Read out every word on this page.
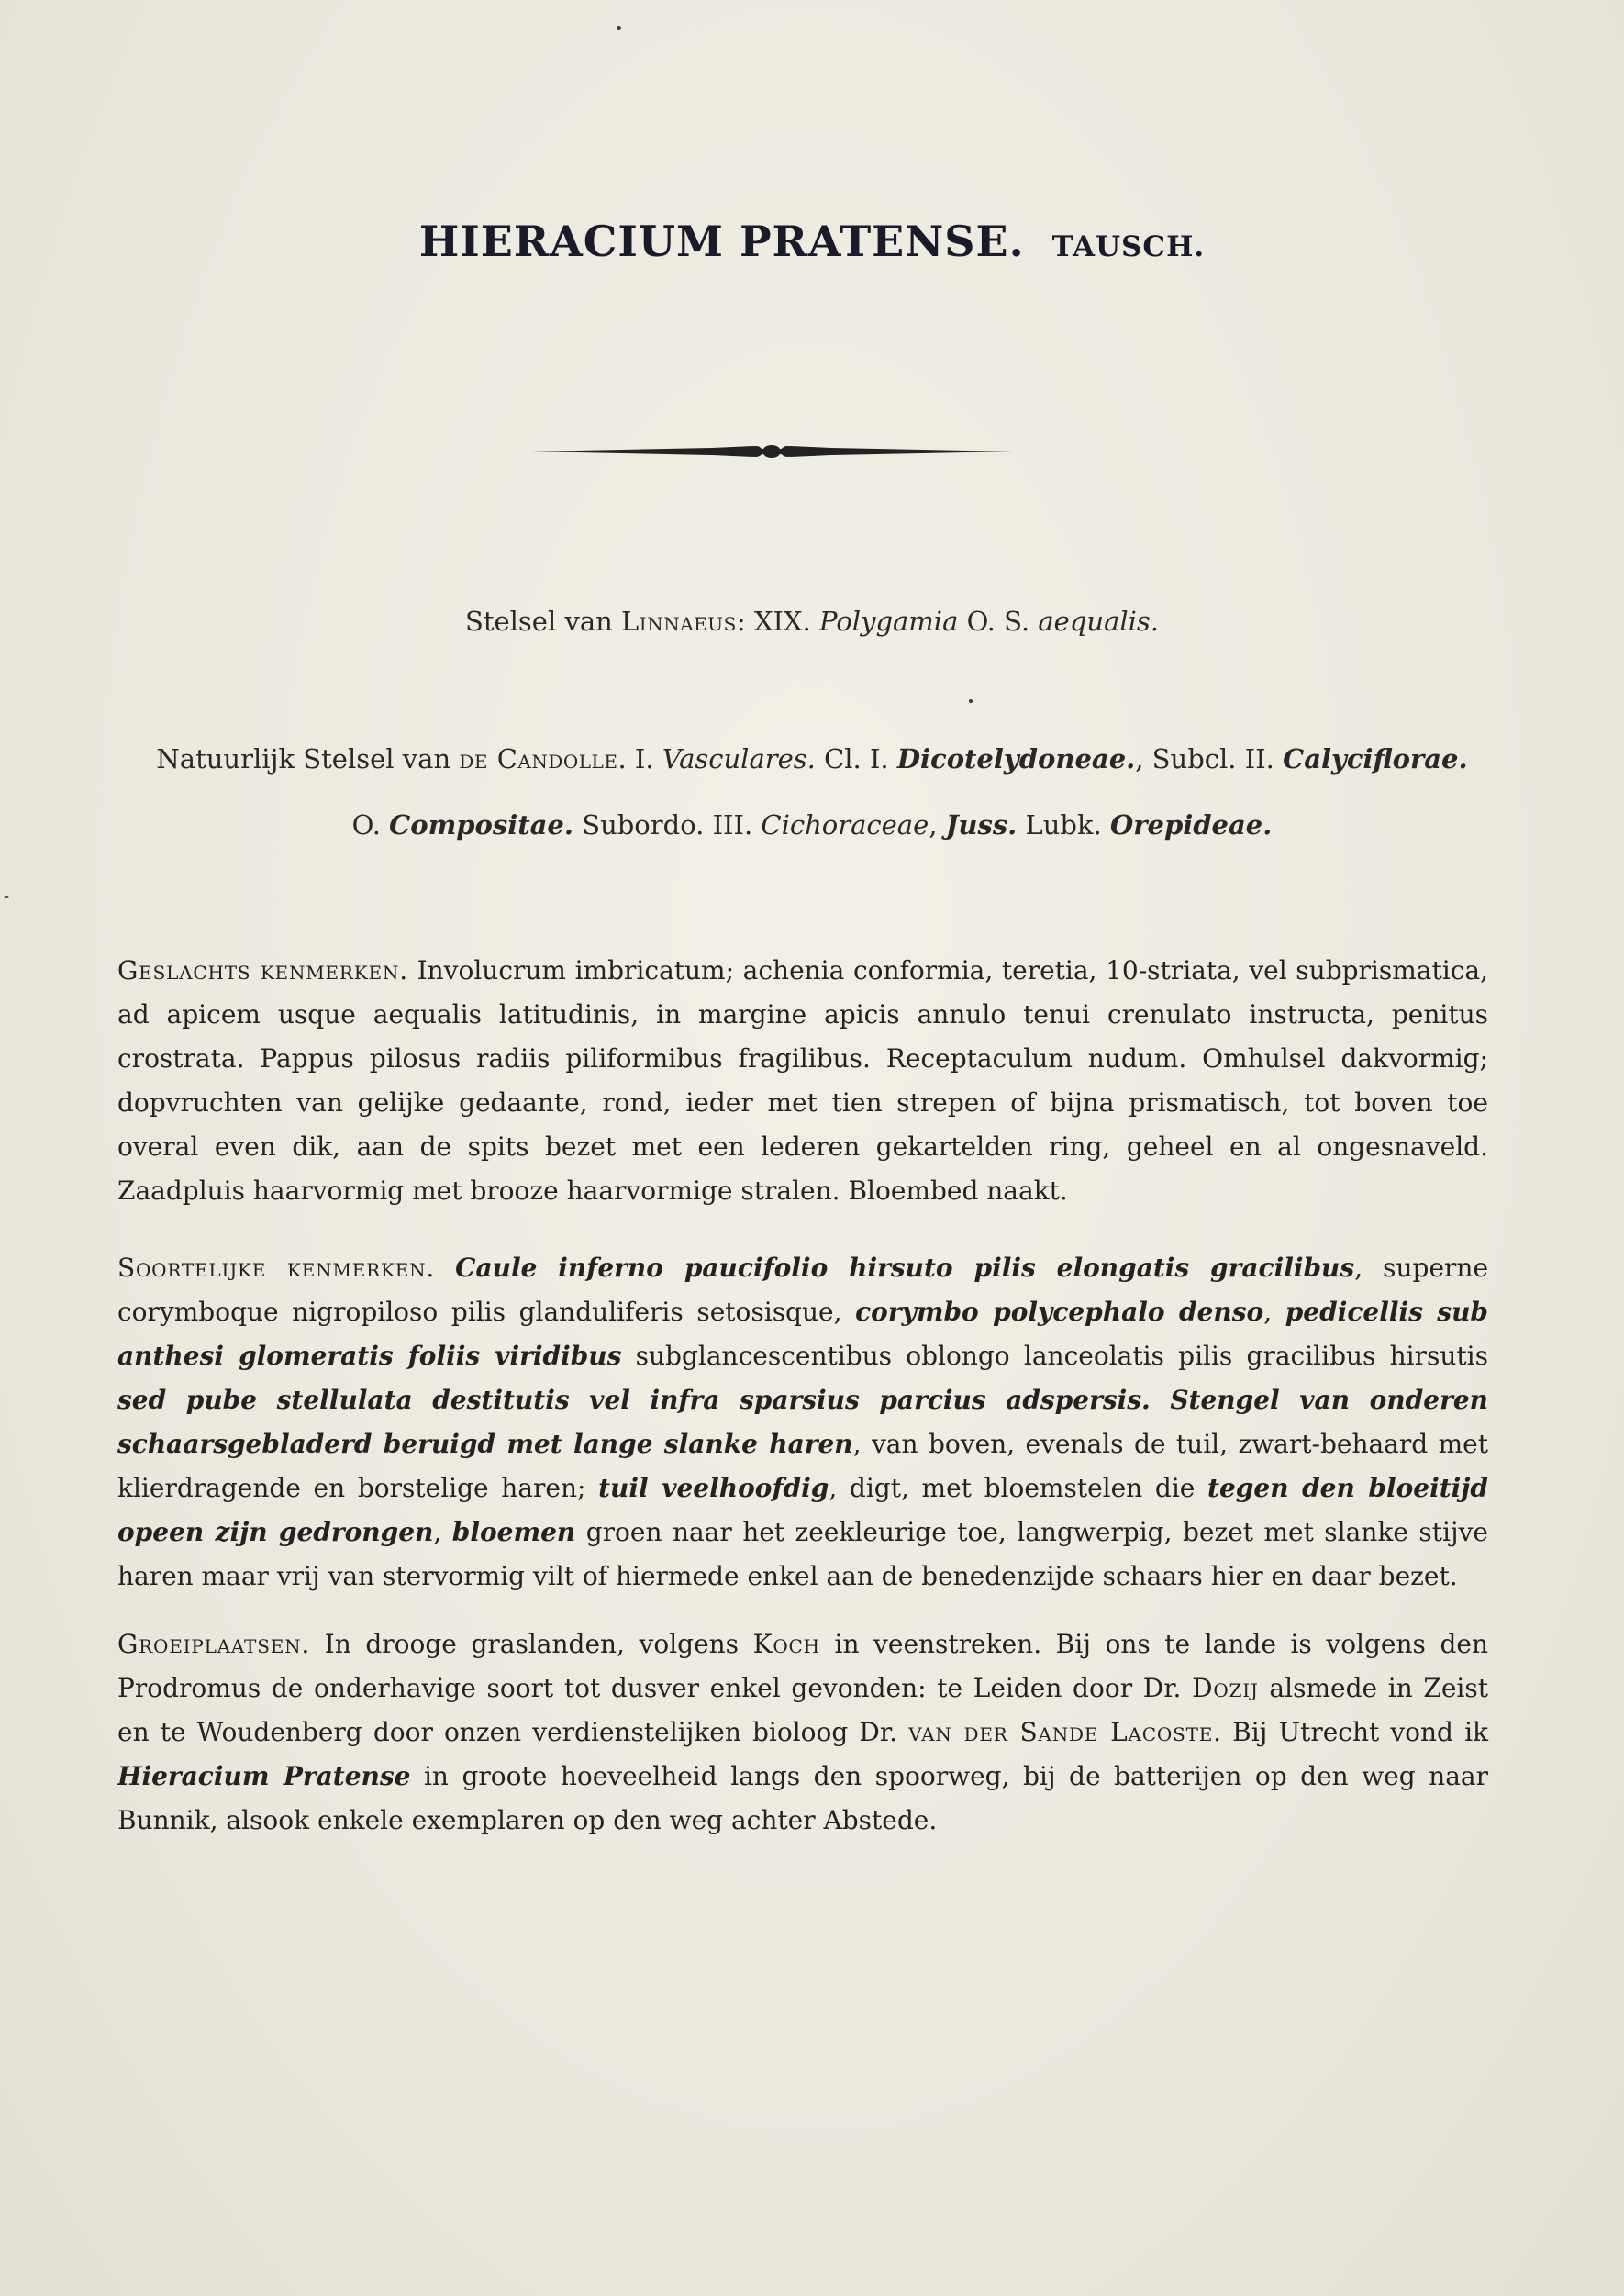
HIERACIUM PRATENSE. TAUSCH.
Stelsel van Linnaeus: XIX. Polygamia O. S. aequalis.
Natuurlijk Stelsel van de Candolle. I. Vasculares. Cl. I. Dicotelydoneae., Subcl. II. Calyciflorae.
O. Compositae. Subordo. III. Cichoraceae, Juss. Lubk. Orepideae.
Geslachts kenmerken. Involucrum imbricatum; achenia conformia, teretia, 10-striata, vel subprismatica, ad apicem usque aequalis latitudinis, in margine apicis annulo tenui crenulato instructa, penitus crostrata. Pappus pilosus radiis piliformibus fragilibus. Receptaculum nudum. Omhulsel dakvormig; dopvruchten van gelijke gedaante, rond, ieder met tien strepen of bijna prismatisch, tot boven toe overal even dik, aan de spits bezet met een lederen gekartelden ring, geheel en al ongesnaveld. Zaadpluis haarvormig met brooze haarvormige stralen. Bloembed naakt.
Soortelijke kenmerken. Caule inferno paucifolio hirsuto pilis elongatis gracilibus, superne corymboque nigropiloso pilis glanduliferis setosisque, corymbo polycephalo denso, pedicellis sub anthesi glomeratis foliis viridibus subglancescentibus oblongo lanceolatis pilis gracilibus hirsutis sed pube stellulata destitutis vel infra sparsius parcius adspersis. Stengel van onderen schaarsgebladerd beruigd met lange slanke haren, van boven, evenals de tuil, zwart-behaard met klierdragende en borstelige haren; tuil veelhoofdig, digt, met bloemstelen die tegen den bloeitijd opeen zijn gedrongen, bloemen groen naar het zeekleurige toe, langwerpig, bezet met slanke stijve haren maar vrij van stervormig vilt of hiermede enkel aan de benedenzijde schaars hier en daar bezet.
Groeiplaatsen. In drooge graslanden, volgens Koch in veenstreken. Bij ons te lande is volgens den Prodromus de onderhavige soort tot dusver enkel gevonden: te Leiden door Dr. Dozij alsmede in Zeist en te Woudenberg door onzen verdienstelijken bioloog Dr. van der Sande Lacoste. Bij Utrecht vond ik Hieracium Pratense in groote hoeveelheid langs den spoorweg, bij de batterijen op den weg naar Bunnik, alsook enkele exemplaren op den weg achter Abstede.
